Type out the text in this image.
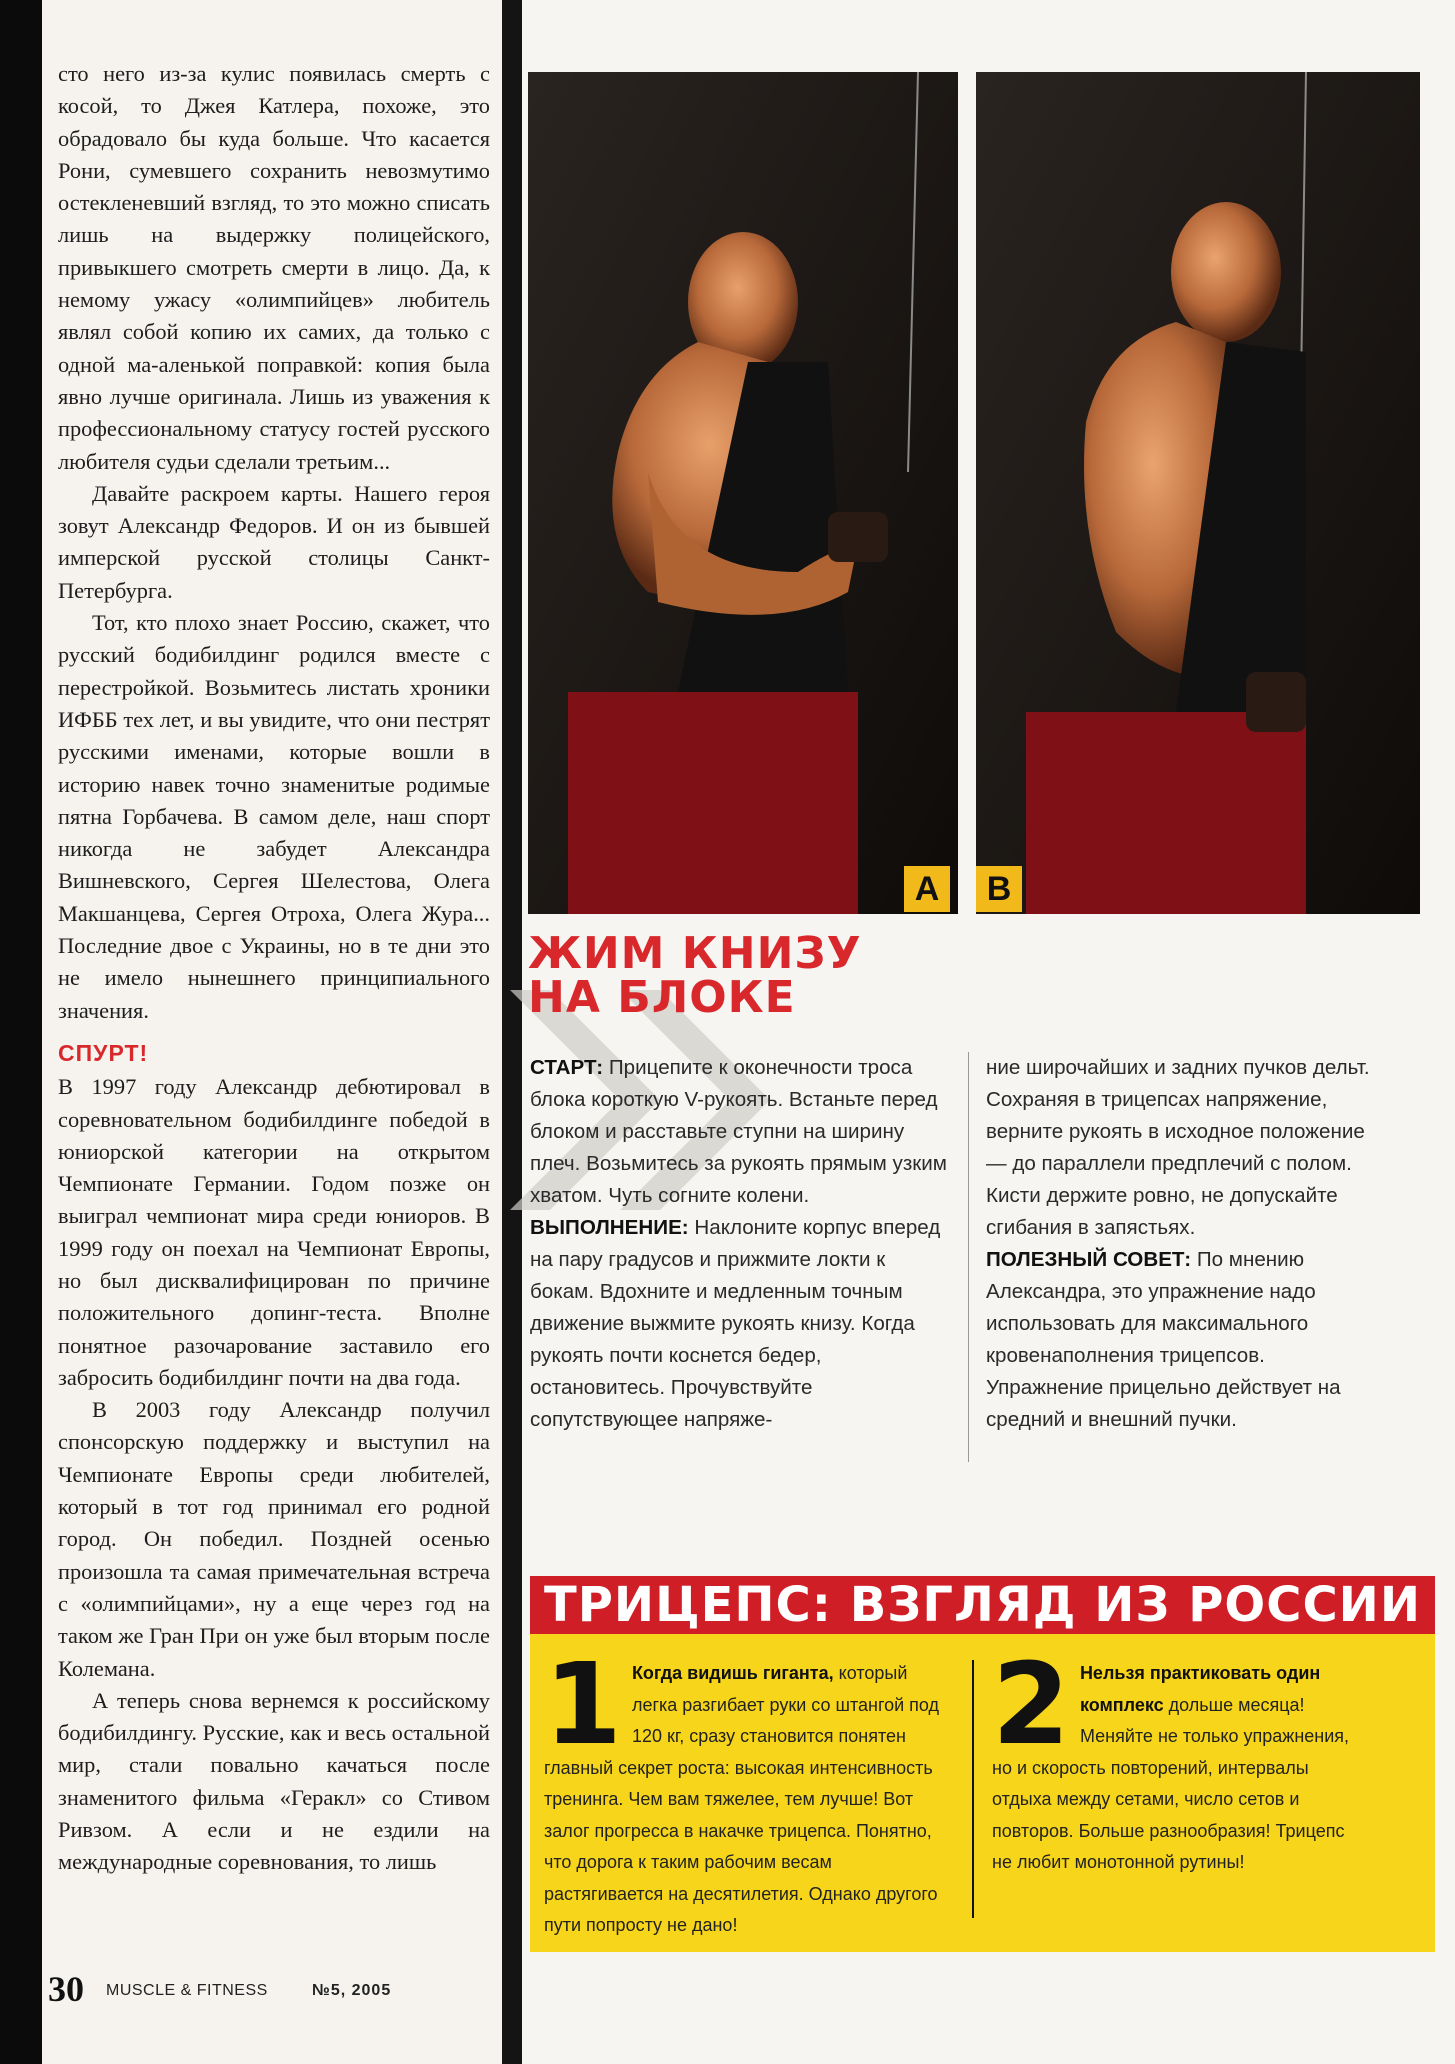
сто него из-за кулис появилась смерть с косой, то Джея Катлера, похоже, это обрадовало бы куда больше. Что касается Рони, сумевшего сохранить невозмутимо остекленевший взгляд, то это можно списать лишь на выдержку полицейского, привыкшего смотреть смерти в лицо. Да, к немому ужасу «олимпийцев» любитель являл собой копию их самих, да только с одной ма-аленькой поправкой: копия была явно лучше оригинала. Лишь из уважения к профессиональному статусу гостей русского любителя судьи сделали третьим...

Давайте раскроем карты. Нашего героя зовут Александр Федоров. И он из бывшей имперской русской столицы Санкт-Петербурга.

Тот, кто плохо знает Россию, скажет, что русский бодибилдинг родился вместе с перестройкой. Возьмитесь листать хроники ИФББ тех лет, и вы увидите, что они пестрят русскими именами, которые вошли в историю навек точно знаменитые родимые пятна Горбачева. В самом деле, наш спорт никогда не забудет Александра Вишневского, Сергея Шелестова, Олега Макшанцева, Сергея Отроха, Олега Жура... Последние двое с Украины, но в те дни это не имело нынешнего принципиального значения.

СПУРТ!

В 1997 году Александр дебютировал в соревновательном бодибилдинге победой в юниорской категории на открытом Чемпионате Германии. Годом позже он выиграл чемпионат мира среди юниоров. В 1999 году он поехал на Чемпионат Европы, но был дисквалифицирован по причине положительного допинг-теста. Вполне понятное разочарование заставило его забросить бодибилдинг почти на два года.

В 2003 году Александр получил спонсорскую поддержку и выступил на Чемпионате Европы среди любителей, который в тот год принимал его родной город. Он победил. Поздней осенью произошла та самая примечательная встреча с «олимпийцами», ну а еще через год на таком же Гран При он уже был вторым после Колемана.

А теперь снова вернемся к российскому бодибилдингу. Русские, как и весь остальной мир, стали повально качаться после знаменитого фильма «Геракл» со Стивом Ривзом. А если и не ездили на международные соревнования, то лишь

30 MUSCLE & FITNESS	№5, 2005
A	B
ЖИМ КНИЗУ
НА БЛОКЕ
СТАРТ: Прицепите к оконечности троса блока короткую V-рукоять. Встаньте перед блоком и расставьте ступни на ширину плеч. Возьмитесь за рукоять прямым узким хватом. Чуть согните колени.
ВЫПОЛНЕНИЕ: Наклоните корпус вперед на пару градусов и прижмите локти к бокам. Вдохните и медленным точным движение выжмите рукоять книзу. Когда рукоять почти коснется бедер, остановитесь. Прочувствуйте сопутствующее напряже-
ние широчайших и задних пучков дельт. Сохраняя в трицепсах напряжение, верните рукоять в исходное положение — до параллели предплечий с полом. Кисти держите ровно, не допускайте сгибания в запястьях.
ПОЛЕЗНЫЙ СОВЕТ: По мнению Александра, это упражнение надо использовать для максимального кровенаполнения трицепсов. Упражнение прицельно действует на средний и внешний пучки.
ТРИЦЕПС: ВЗГЛЯД ИЗ РОССИИ
1 Когда видишь гиганта, который легка разгибает руки со штангой под 120 кг, сразу становится понятен главный секрет роста: высокая интенсивность тренинга. Чем вам тяжелее, тем лучше! Вот залог прогресса в накачке трицепса. Понятно, что дорога к таким рабочим весам растягивается на десятилетия. Однако другого пути попросту не дано!
2 Нельзя практиковать один комплекс дольше месяца! Меняйте не только упражнения, но и скорость повторений, интервалы отдыха между сетами, число сетов и повторов. Больше разнообразия! Трицепс не любит монотонной рутины!
